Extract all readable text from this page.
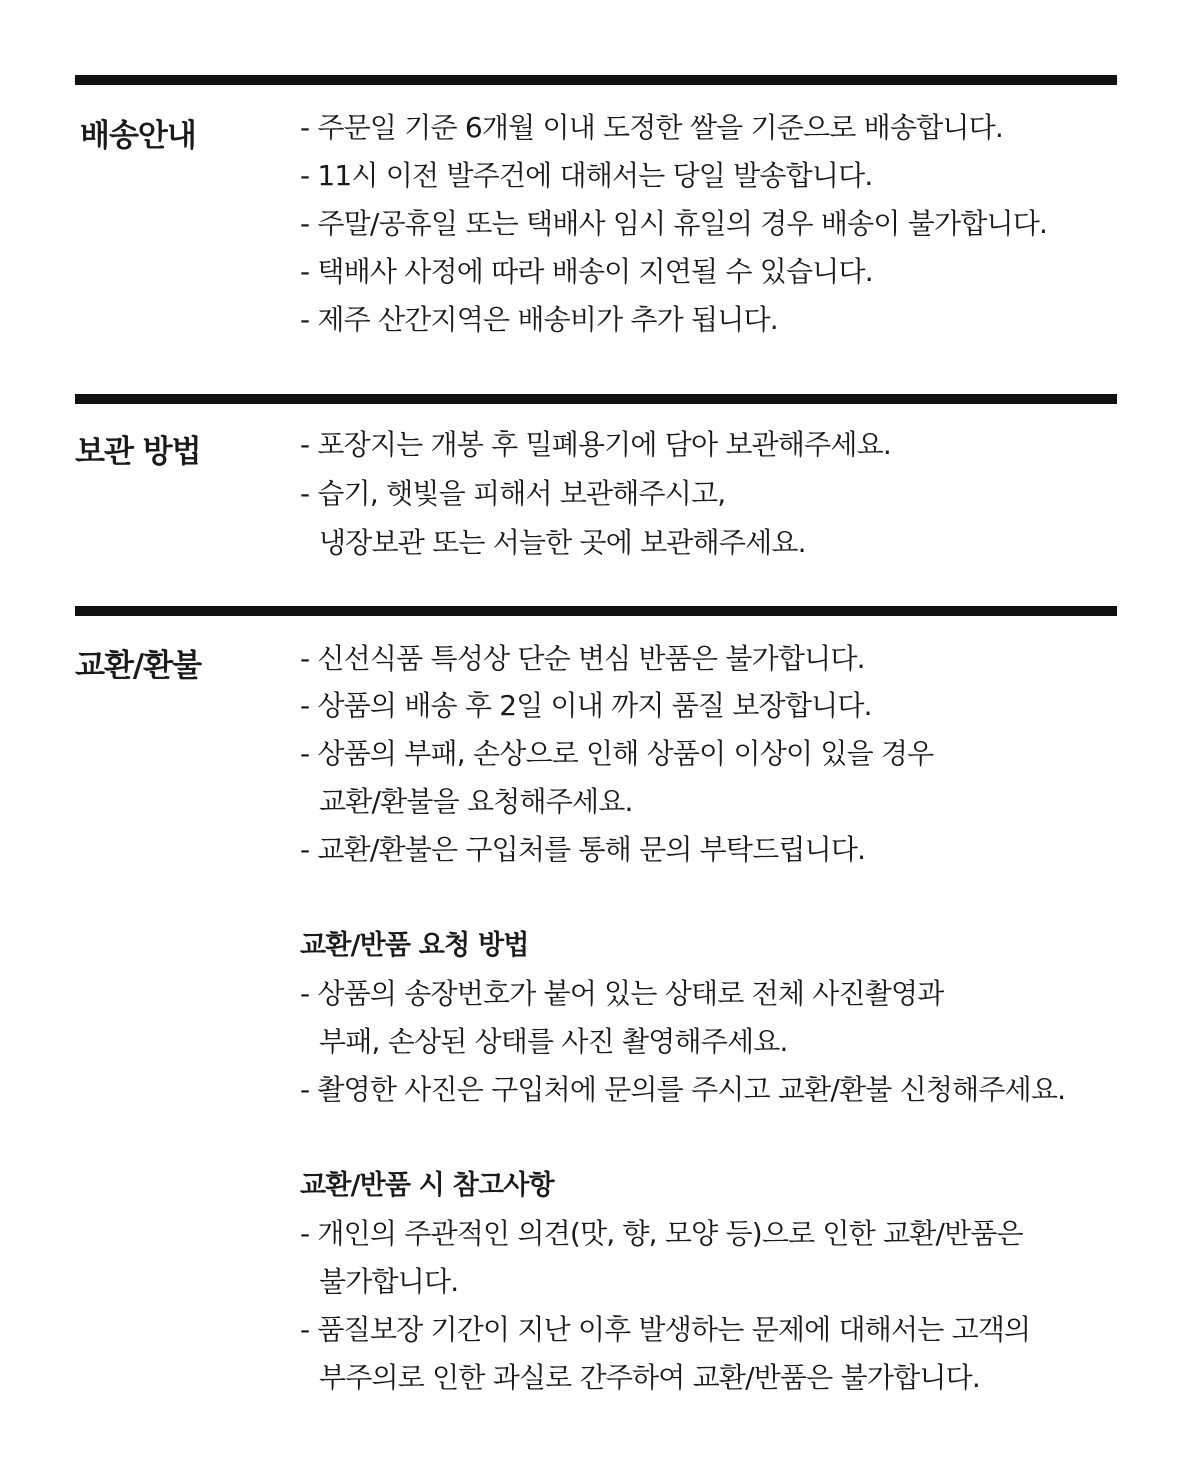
배송안내	- 주문일 기준 6개월 이내 도정한 쌀을 기준으로 배송합니다.
- 11시 이전 발주건에 대해서는 당일 발송합니다.
- 주말/공휴일 또는 택배사 임시 휴일의 경우 배송이 불가합니다.
- 택배사 사정에 따라 배송이 지연될 수 있습니다.
- 제주 산간지역은 배송비가 추가 됩니다.
보관 방법	- 포장지는 개봉 후 밀폐용기에 담아 보관해주세요.
- 습기, 햇빛을 피해서 보관해주시고,
냉장보관 또는 서늘한 곳에 보관해주세요.
교환/환불	- 신선식품 특성상 단순 변심 반품은 불가합니다.
- 상품의 배송 후 2일 이내 까지 품질 보장합니다.
- 상품의 부패, 손상으로 인해 상품이 이상이 있을 경우
교환/환불을 요청해주세요.
- 교환/환불은 구입처를 통해 문의 부탁드립니다.
교환/반품 요청 방법
- 상품의 송장번호가 붙어 있는 상태로 전체 사진촬영과
부패, 손상된 상태를 사진 촬영해주세요.
- 촬영한 사진은 구입처에 문의를 주시고 교환/환불 신청해주세요.
교환/반품 시 참고사항
- 개인의 주관적인 의견(맛, 향, 모양 등)으로 인한 교환/반품은
불가합니다.
- 품질보장 기간이 지난 이후 발생하는 문제에 대해서는 고객의
부주의로 인한 과실로 간주하여 교환/반품은 불가합니다.
